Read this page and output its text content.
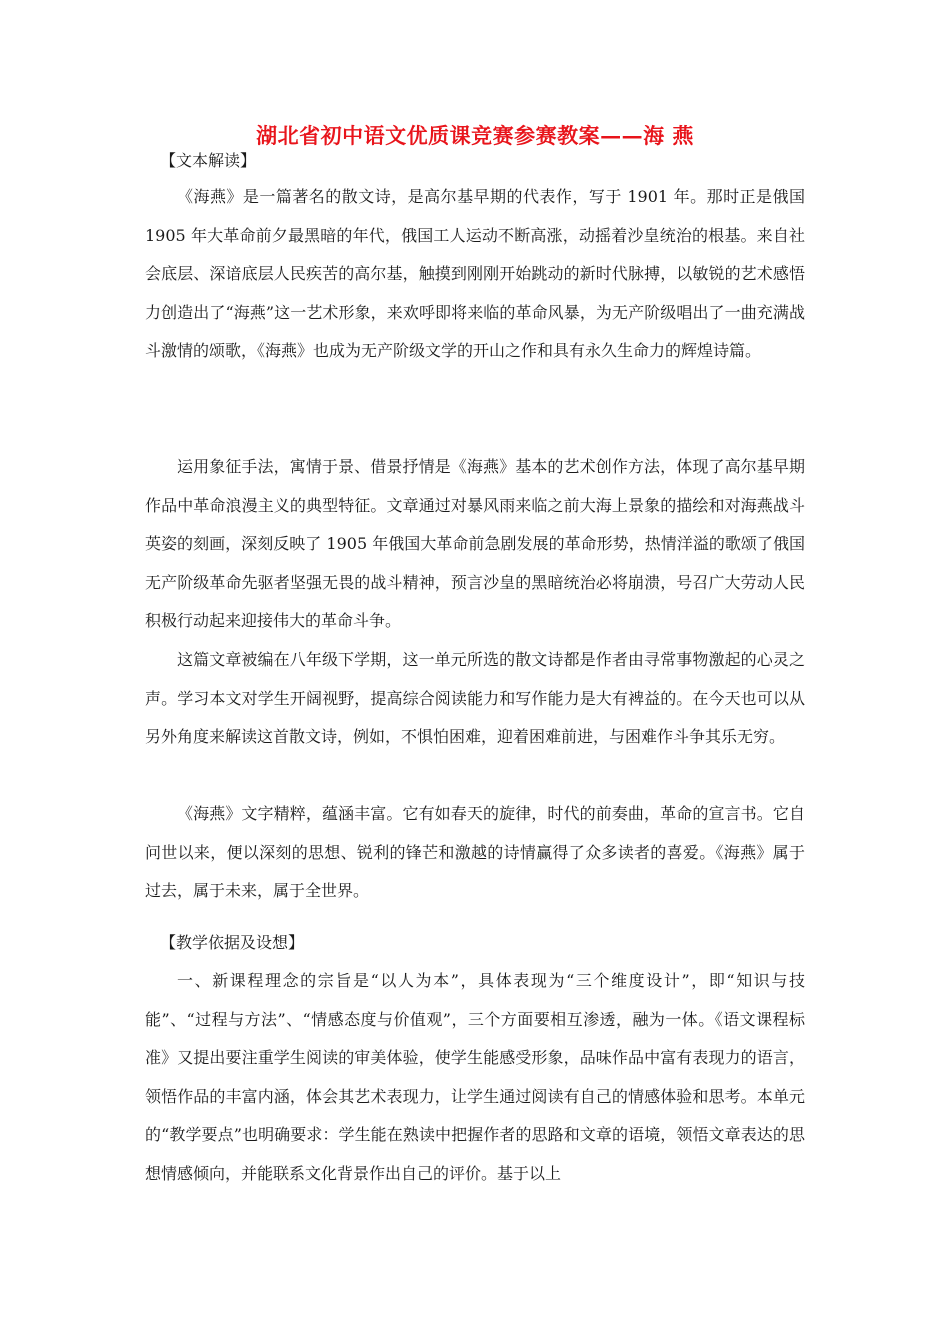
湖北省初中语文优质课竞赛参赛教案——海 燕
【文本解读】

《海燕》是一篇著名的散文诗，是高尔基早期的代表作，写于 1901 年。那时正是俄国1905 年大革命前夕最黑暗的年代，俄国工人运动不断高涨，动摇着沙皇统治的根基。来自社会底层、深谙底层人民疾苦的高尔基，触摸到刚刚开始跳动的新时代脉搏，以敏锐的艺术感悟力创造出了“海燕”这一艺术形象，来欢呼即将来临的革命风暴，为无产阶级唱出了一曲充满战斗激情的颂歌，《海燕》也成为无产阶级文学的开山之作和具有永久生命力的辉煌诗篇。

运用象征手法，寓情于景、借景抒情是《海燕》基本的艺术创作方法，体现了高尔基早期作品中革命浪漫主义的典型特征。文章通过对暴风雨来临之前大海上景象的描绘和对海燕战斗英姿的刻画，深刻反映了 1905 年俄国大革命前急剧发展的革命形势，热情洋溢的歌颂了俄国无产阶级革命先驱者坚强无畏的战斗精神，预言沙皇的黑暗统治必将崩溃，号召广大劳动人民积极行动起来迎接伟大的革命斗争。

这篇文章被编在八年级下学期，这一单元所选的散文诗都是作者由寻常事物激起的心灵之声。学习本文对学生开阔视野，提高综合阅读能力和写作能力是大有裨益的。在今天也可以从另外角度来解读这首散文诗，例如，不惧怕困难，迎着困难前进，与困难作斗争其乐无穷。

《海燕》文字精粹，蕴涵丰富。它有如春天的旋律，时代的前奏曲，革命的宣言书。它自问世以来，便以深刻的思想、锐利的锋芒和激越的诗情赢得了众多读者的喜爱。《海燕》属于过去，属于未来，属于全世界。

【教学依据及设想】

一、新课程理念的宗旨是“以人为本”，具体表现为“三个维度设计”，即“知识与技能”、“过程与方法”、“情感态度与价值观”，三个方面要相互渗透，融为一体。《语文课程标准》又提出要注重学生阅读的审美体验，使学生能感受形象，品味作品中富有表现力的语言，领悟作品的丰富内涵，体会其艺术表现力，让学生通过阅读有自己的情感体验和思考。本单元的“教学要点”也明确要求：学生能在熟读中把握作者的思路和文章的语境，领悟文章表达的思想情感倾向，并能联系文化背景作出自己的评价。基于以上
